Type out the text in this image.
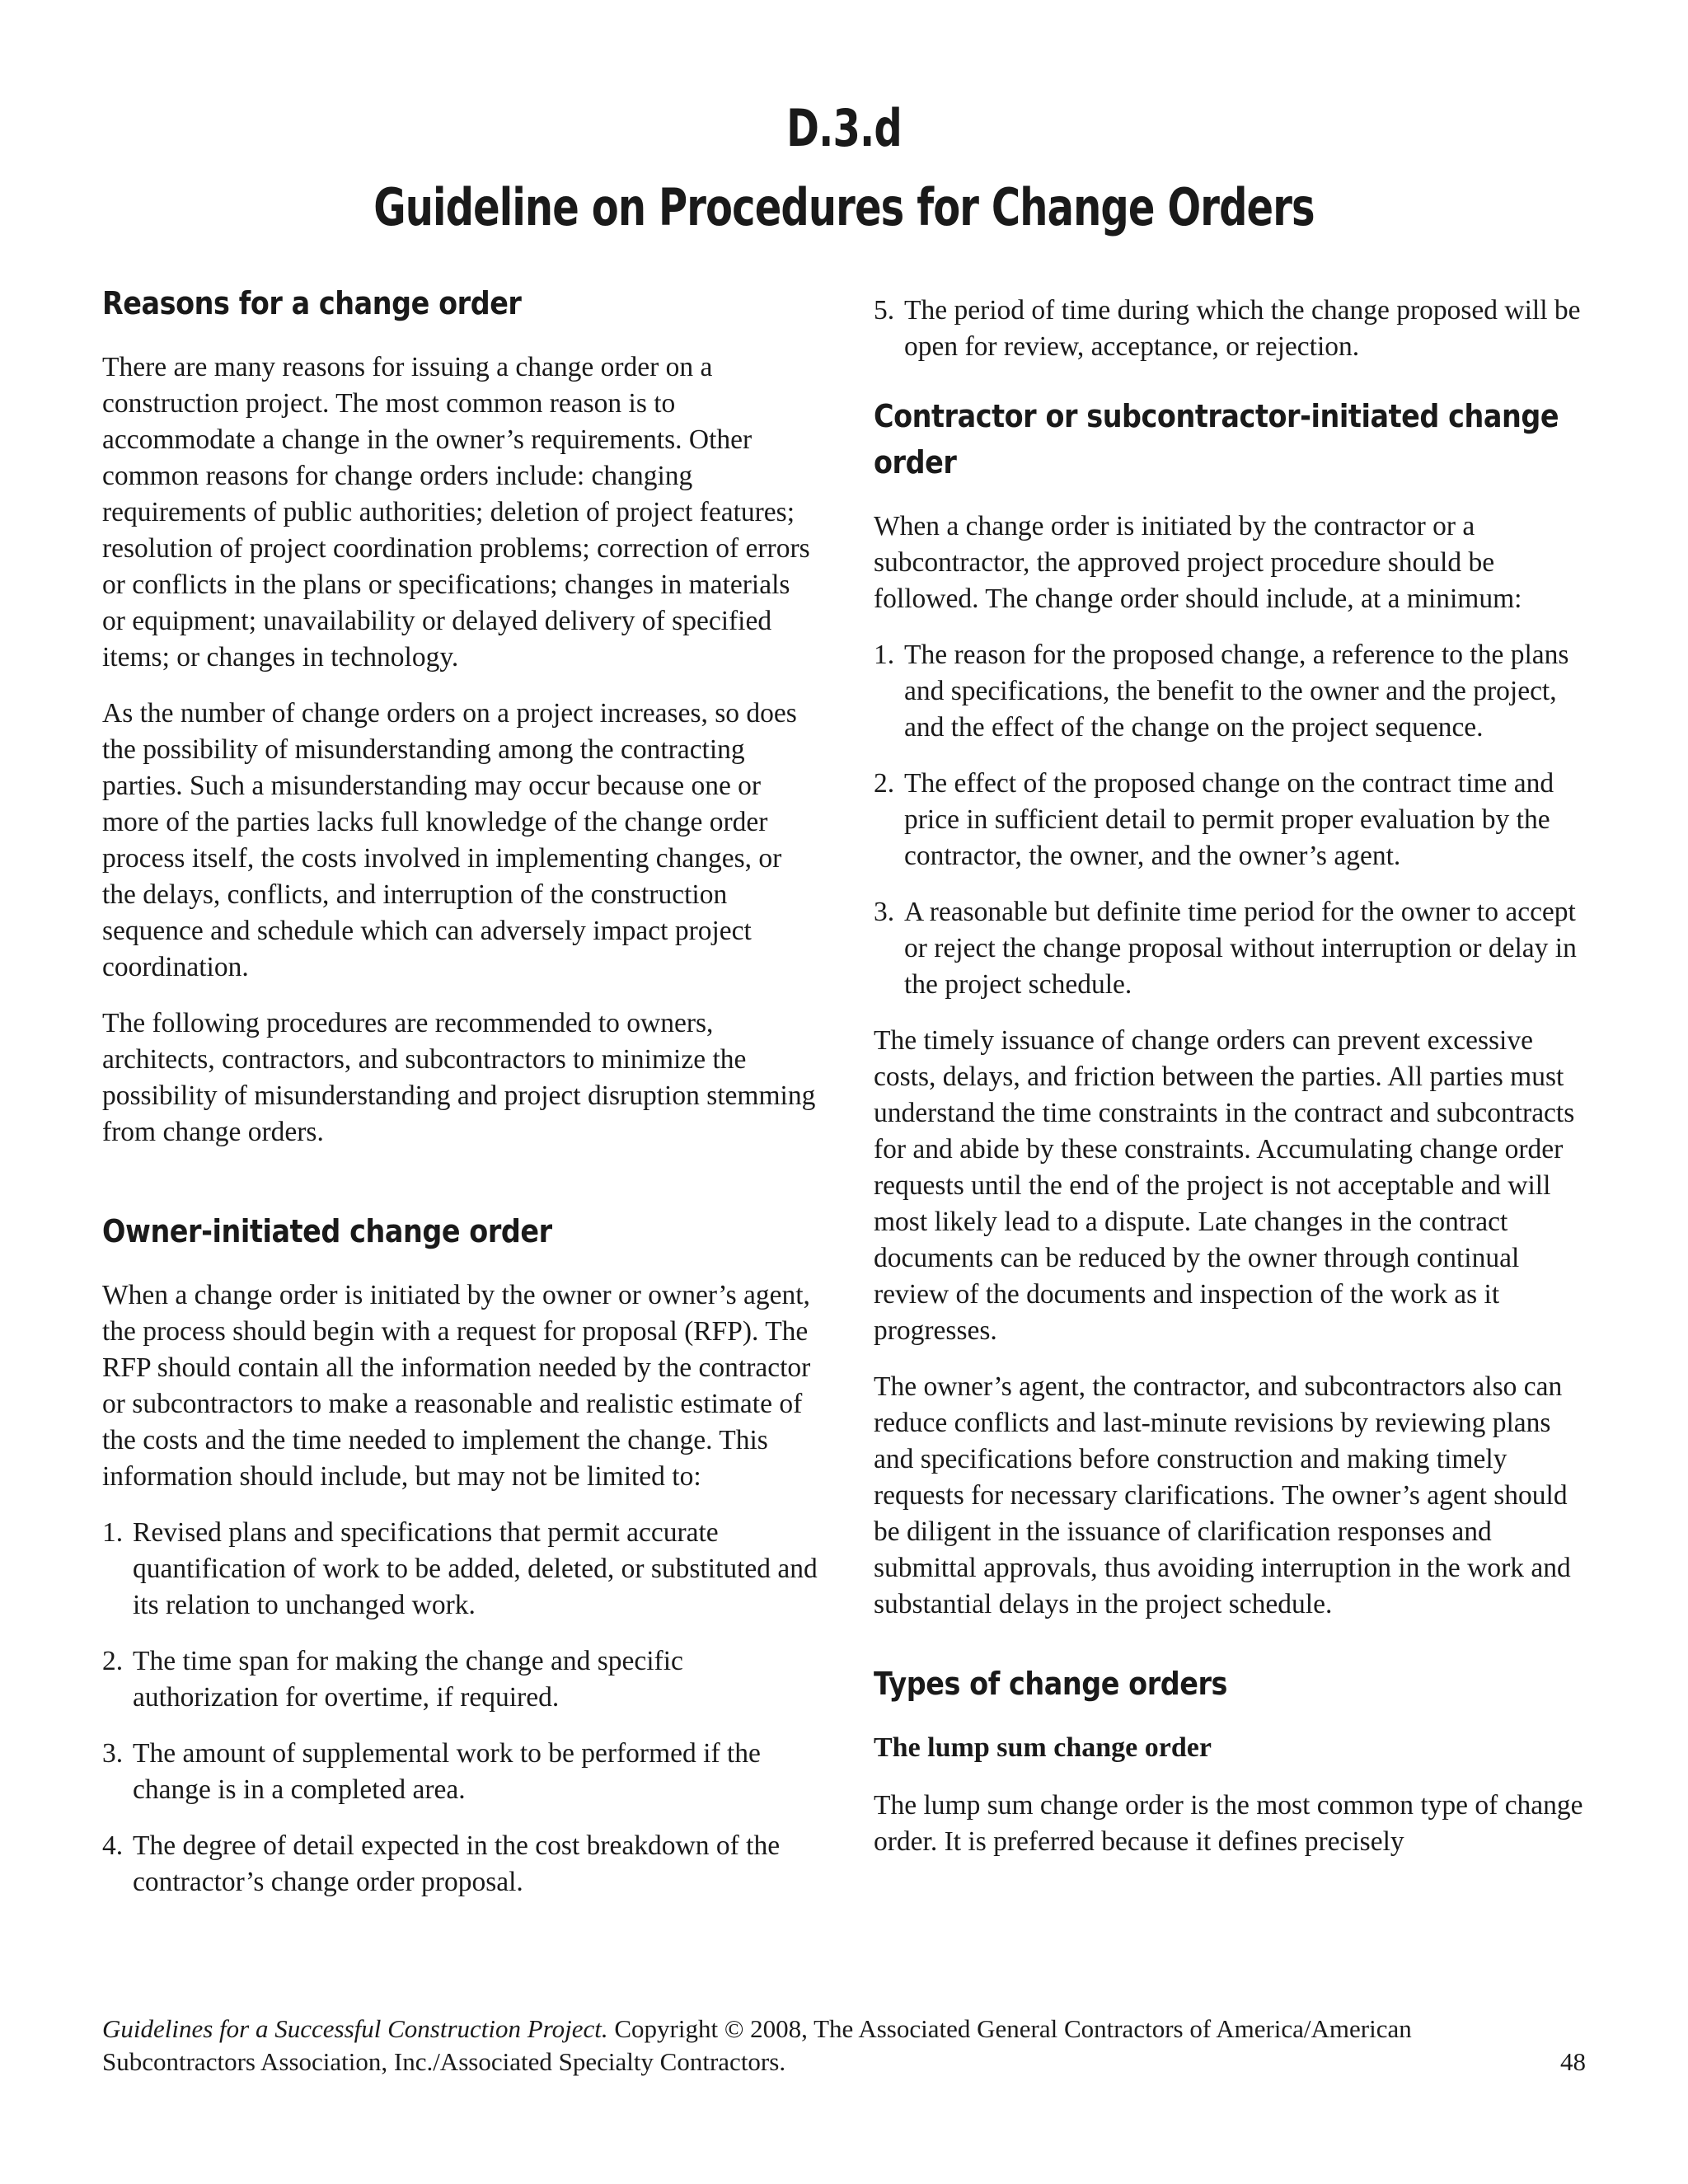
D.3.d
Guideline on Procedures for Change Orders
Reasons for a change order

There are many reasons for issuing a change order on a construction project. The most common reason is to accommodate a change in the owner’s requirements. Other common reasons for change orders include: changing requirements of public authorities; deletion of project features; resolution of project coordination problems; correction of errors or conflicts in the plans or specifications; changes in materials or equipment; unavailability or delayed delivery of specified items; or changes in technology.

As the number of change orders on a project increases, so does the possibility of misunderstanding among the contracting parties. Such a misunderstanding may occur because one or more of the parties lacks full knowledge of the change order process itself, the costs involved in implementing changes, or the delays, conflicts, and interruption of the construction sequence and schedule which can adversely impact project coordination.

The following procedures are recommended to owners, architects, contractors, and subcontractors to minimize the possibility of misunderstanding and project disruption stemming from change orders.

Owner-initiated change order

When a change order is initiated by the owner or owner’s agent, the process should begin with a request for proposal (RFP). The RFP should contain all the information needed by the contractor or subcontractors to make a reasonable and realistic estimate of the costs and the time needed to implement the change. This information should include, but may not be limited to:

1. Revised plans and specifications that permit accurate quantification of work to be added, deleted, or substituted and its relation to unchanged work.
2. The time span for making the change and specific authorization for overtime, if required.
3. The amount of supplemental work to be performed if the change is in a completed area.
4. The degree of detail expected in the cost breakdown of the contractor’s change order proposal.
5. The period of time during which the change proposed will be open for review, acceptance, or rejection.
Contractor or subcontractor-initiated change order

When a change order is initiated by the contractor or a subcontractor, the approved project procedure should be followed. The change order should include, at a minimum:

1. The reason for the proposed change, a reference to the plans and specifications, the benefit to the owner and the project, and the effect of the change on the project sequence.
2. The effect of the proposed change on the contract time and price in sufficient detail to permit proper evaluation by the contractor, the owner, and the owner’s agent.
3. A reasonable but definite time period for the owner to accept or reject the change proposal without interruption or delay in the project schedule.

The timely issuance of change orders can prevent excessive costs, delays, and friction between the parties. All parties must understand the time constraints in the contract and subcontracts for and abide by these constraints. Accumulating change order requests until the end of the project is not acceptable and will most likely lead to a dispute. Late changes in the contract documents can be reduced by the owner through continual review of the documents and inspection of the work as it progresses.

The owner’s agent, the contractor, and subcontractors also can reduce conflicts and last-minute revisions by reviewing plans and specifications before construction and making timely requests for necessary clarifications. The owner’s agent should be diligent in the issuance of clarification responses and submittal approvals, thus avoiding interruption in the work and substantial delays in the project schedule.

Types of change orders
The lump sum change order

The lump sum change order is the most common type of change order. It is preferred because it defines precisely

Guidelines for a Successful Construction Project. Copyright © 2008, The Associated General Contractors of America/American
Subcontractors Association, Inc./Associated Specialty Contractors.	48
